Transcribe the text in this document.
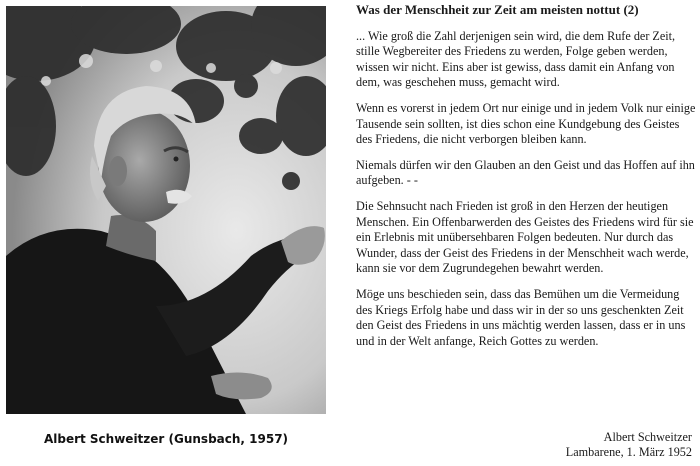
Albert Schweitzer (Gunsbach, 1957)
Was der Menschheit zur Zeit am meisten nottut (2)

... Wie groß die Zahl derjenigen sein wird, die dem Rufe der Zeit, stille Wegbereiter des Friedens zu werden, Folge geben werden, wissen wir nicht. Eins aber ist gewiss, dass damit ein Anfang von dem, was geschehen muss, gemacht wird.

Wenn es vorerst in jedem Ort nur einige und in jedem Volk nur einige Tausende sein sollten, ist dies schon eine Kundgebung des Geistes des Friedens, die nicht verborgen bleiben kann.

Niemals dürfen wir den Glauben an den Geist und das Hoffen auf ihn aufgeben. - -

Die Sehnsucht nach Frieden ist groß in den Herzen der heutigen Menschen. Ein Offenbarwerden des Geistes des Friedens wird für sie ein Erlebnis mit unübersehbaren Folgen bedeuten. Nur durch das Wunder, dass der Geist des Friedens in der Menschheit wach werde, kann sie vor dem Zugrundegehen bewahrt werden.

Möge uns beschieden sein, dass das Bemühen um die Vermeidung des Kriegs Erfolg habe und dass wir in der so uns geschenkten Zeit den Geist des Friedens in uns mächtig werden lassen, dass er in uns und in der Welt anfange, Reich Gottes zu werden.

Albert Schweitzer
Lambarene, 1. März 1952
